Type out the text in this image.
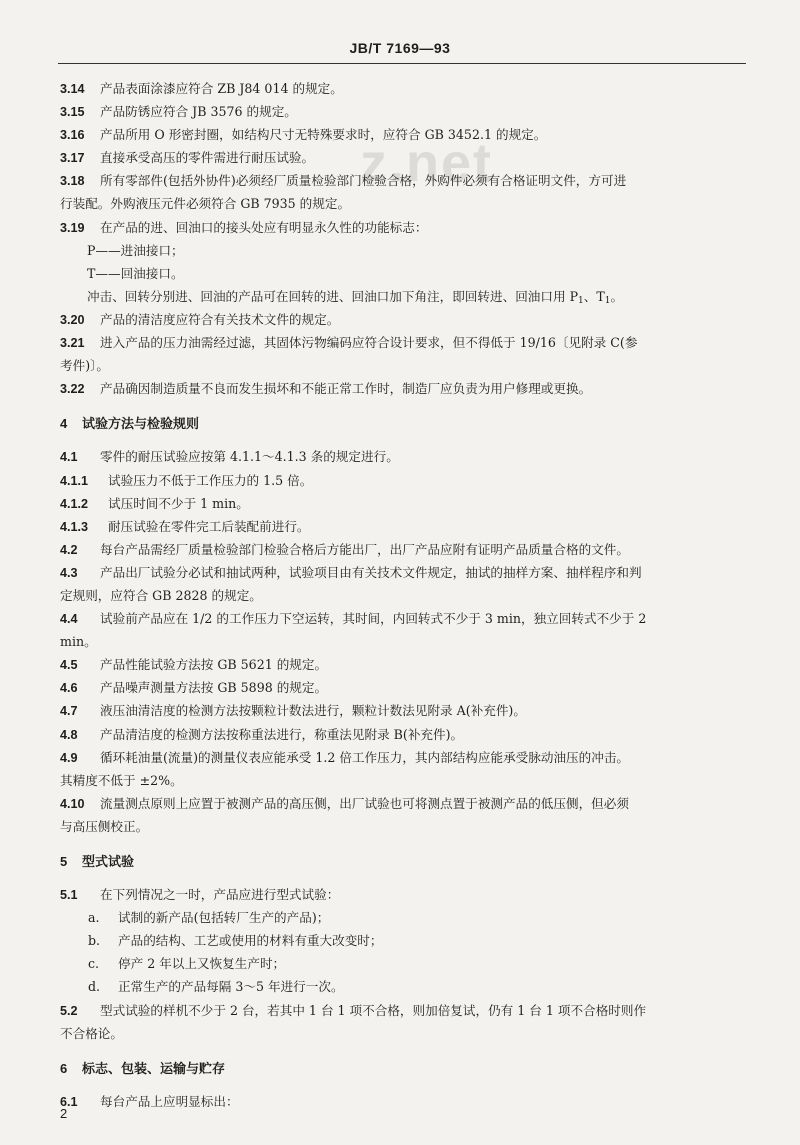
JB/T 7169—93
z.net
3.14 产品表面涂漆应符合 ZB J84 014 的规定。
3.15 产品防锈应符合 JB 3576 的规定。
3.16 产品所用 O 形密封圈，如结构尺寸无特殊要求时，应符合 GB 3452.1 的规定。
3.17 直接承受高压的零件需进行耐压试验。
3.18 所有零部件(包括外协件)必须经厂质量检验部门检验合格，外购件必须有合格证明文件，方可进
行装配。外购液压元件必须符合 GB 7935 的规定。
3.19 在产品的进、回油口的接头处应有明显永久性的功能标志：
P——进油接口；
T——回油接口。
冲击、回转分别进、回油的产品可在回转的进、回油口加下角注，即回转进、回油口用 $P_1$、$T_1$。
3.20 产品的清洁度应符合有关技术文件的规定。
3.21 进入产品的压力油需经过滤，其固体污物编码应符合设计要求，但不得低于 19/16〔见附录 C(参
考件)〕。
3.22 产品确因制造质量不良而发生损坏和不能正常工作时，制造厂应负责为用户修理或更换。
4 试验方法与检验规则
4.1 零件的耐压试验应按第 4.1.1～4.1.3 条的规定进行。
4.1.1 试验压力不低于工作压力的 1.5 倍。
4.1.2 试压时间不少于 1 min。
4.1.3 耐压试验在零件完工后装配前进行。
4.2 每台产品需经厂质量检验部门检验合格后方能出厂，出厂产品应附有证明产品质量合格的文件。
4.3 产品出厂试验分必试和抽试两种，试验项目由有关技术文件规定，抽试的抽样方案、抽样程序和判
定规则，应符合 GB 2828 的规定。
4.4 试验前产品应在 1/2 的工作压力下空运转，其时间，内回转式不少于 3 min，独立回转式不少于 2
min。
4.5 产品性能试验方法按 GB 5621 的规定。
4.6 产品噪声测量方法按 GB 5898 的规定。
4.7 液压油清洁度的检测方法按颗粒计数法进行，颗粒计数法见附录 A(补充件)。
4.8 产品清洁度的检测方法按称重法进行，称重法见附录 B(补充件)。
4.9 循环耗油量(流量)的测量仪表应能承受 1.2 倍工作压力，其内部结构应能承受脉动油压的冲击。
其精度不低于 ±2%。
4.10 流量测点原则上应置于被测产品的高压侧，出厂试验也可将测点置于被测产品的低压侧，但必须
与高压侧校正。
5 型式试验
5.1 在下列情况之一时，产品应进行型式试验：
a. 试制的新产品(包括转厂生产的产品)；
b. 产品的结构、工艺或使用的材料有重大改变时；
c. 停产 2 年以上又恢复生产时；
d. 正常生产的产品每隔 3～5 年进行一次。
5.2 型式试验的样机不少于 2 台，若其中 1 台 1 项不合格，则加倍复试，仍有 1 台 1 项不合格时则作
不合格论。
6 标志、包装、运输与贮存
6.1 每台产品上应明显标出：
2
